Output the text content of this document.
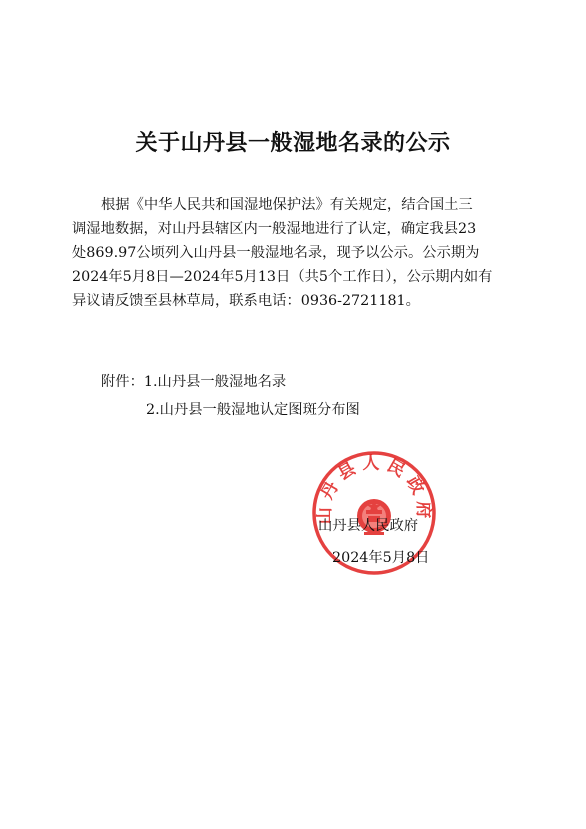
关于山丹县一般湿地名录的公示
根据《中华人民共和国湿地保护法》有关规定，结合国土三
调湿地数据，对山丹县辖区内一般湿地进行了认定，确定我县23
处869.97公顷列入山丹县一般湿地名录，现予以公示。公示期为
2024年5月8日—2024年5月13日（共5个工作日），公示期内如有
异议请反馈至县林草局，联系电话：0936-2721181。
附件：1.山丹县一般湿地名录
2.山丹县一般湿地认定图斑分布图
山丹县人民政府
山丹县人民政府
2024年5月8日
